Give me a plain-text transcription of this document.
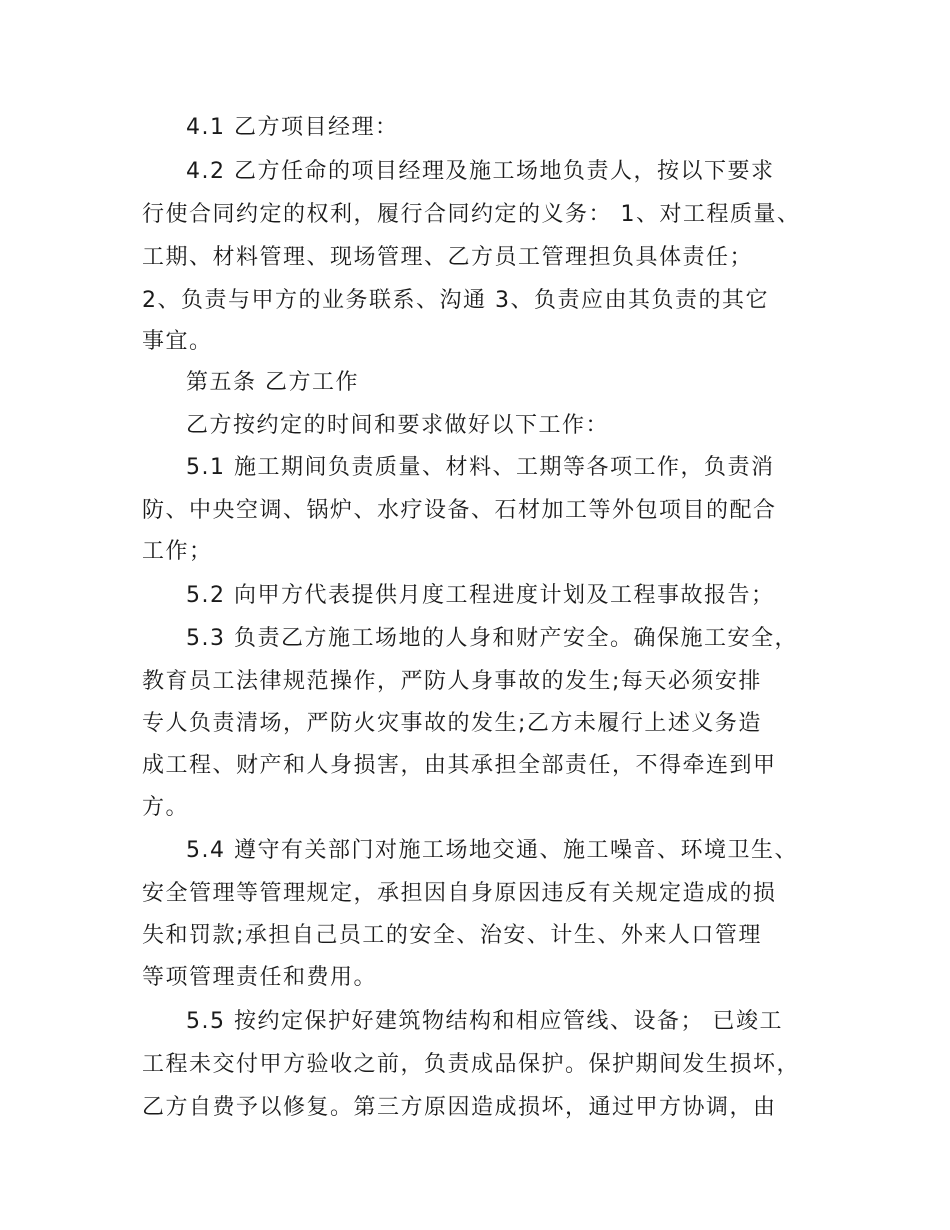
4.1 乙方项目经理：

4.2 乙方任命的项目经理及施工场地负责人，按以下要求

行使合同约定的权利，履行合同约定的义务： 1、对工程质量、

工期、材料管理、现场管理、乙方员工管理担负具体责任；

2、负责与甲方的业务联系、沟通 3、负责应由其负责的其它

事宜。

第五条 乙方工作

乙方按约定的时间和要求做好以下工作：

5.1 施工期间负责质量、材料、工期等各项工作，负责消

防、中央空调、锅炉、水疗设备、石材加工等外包项目的配合

工作；

5.2 向甲方代表提供月度工程进度计划及工程事故报告；

5.3 负责乙方施工场地的人身和财产安全。确保施工安全，

教育员工法律规范操作，严防人身事故的发生;每天必须安排

专人负责清场，严防火灾事故的发生;乙方未履行上述义务造

成工程、财产和人身损害，由其承担全部责任，不得牵连到甲

方。

5.4 遵守有关部门对施工场地交通、施工噪音、环境卫生、

安全管理等管理规定，承担因自身原因违反有关规定造成的损

失和罚款;承担自己员工的安全、治安、计生、外来人口管理

等项管理责任和费用。

5.5 按约定保护好建筑物结构和相应管线、设备； 已竣工

工程未交付甲方验收之前，负责成品保护。保护期间发生损坏，

乙方自费予以修复。第三方原因造成损坏，通过甲方协调，由
